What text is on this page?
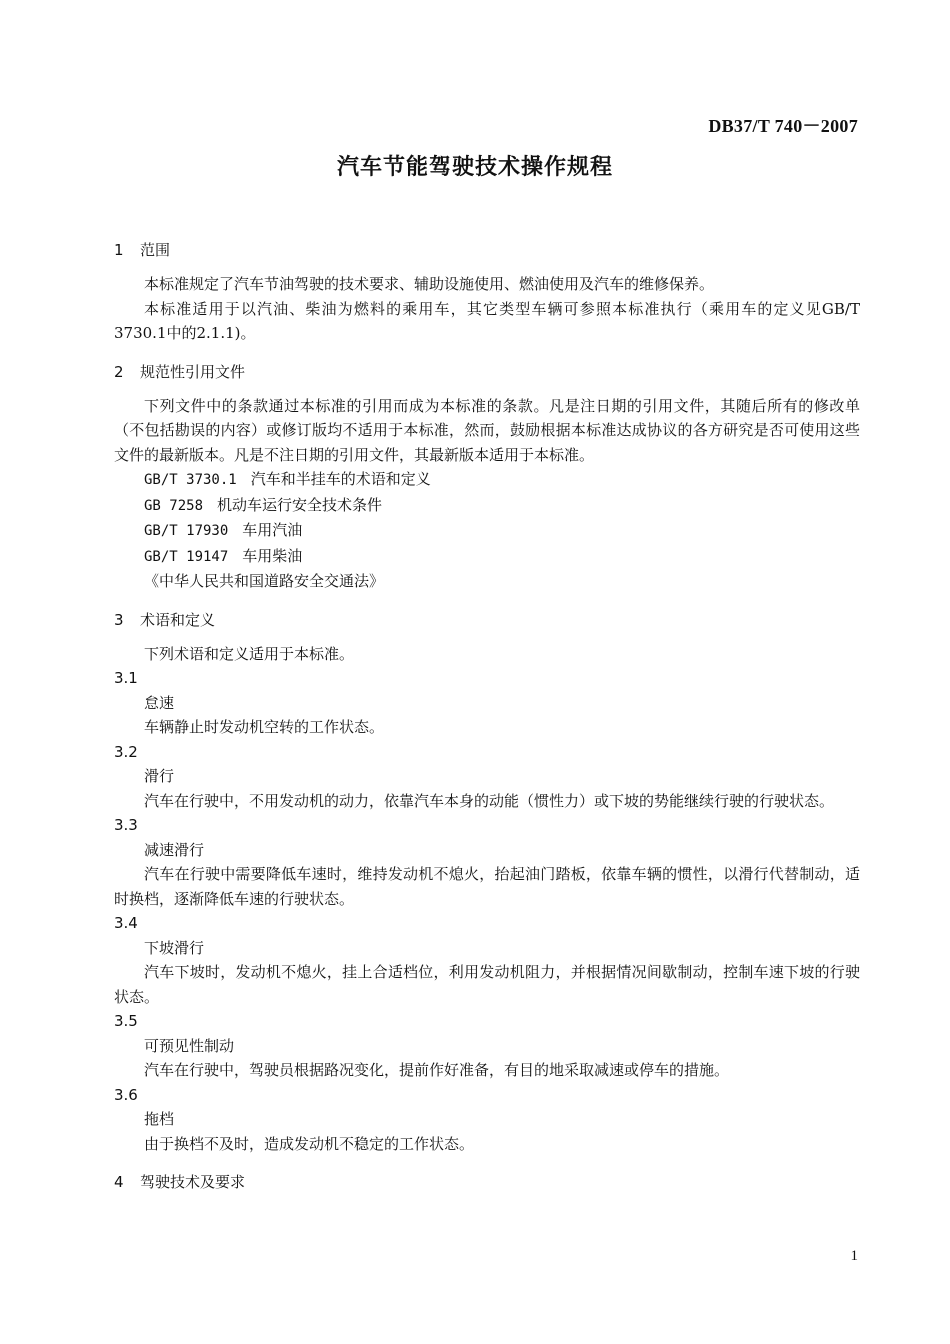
DB37/T 740－2007
汽车节能驾驶技术操作规程
1 范围

本标准规定了汽车节油驾驶的技术要求、辅助设施使用、燃油使用及汽车的维修保养。

本标准适用于以汽油、柴油为燃料的乘用车，其它类型车辆可参照本标准执行（乘用车的定义见GB/T 3730.1中的2.1.1)。

2 规范性引用文件

下列文件中的条款通过本标准的引用而成为本标准的条款。凡是注日期的引用文件，其随后所有的修改单（不包括勘误的内容）或修订版均不适用于本标准，然而，鼓励根据本标准达成协议的各方研究是否可使用这些文件的最新版本。凡是不注日期的引用文件，其最新版本适用于本标准。

GB/T 3730.1 汽车和半挂车的术语和定义

GB 7258 机动车运行安全技术条件

GB/T 17930 车用汽油

GB/T 19147 车用柴油

《中华人民共和国道路安全交通法》

3 术语和定义

下列术语和定义适用于本标准。

3.1

怠速

车辆静止时发动机空转的工作状态。

3.2

滑行

汽车在行驶中，不用发动机的动力，依靠汽车本身的动能（惯性力）或下坡的势能继续行驶的行驶状态。

3.3

减速滑行

汽车在行驶中需要降低车速时，维持发动机不熄火，抬起油门踏板，依靠车辆的惯性，以滑行代替制动，适时换档，逐渐降低车速的行驶状态。

3.4

下坡滑行

汽车下坡时，发动机不熄火，挂上合适档位，利用发动机阻力，并根据情况间歇制动，控制车速下坡的行驶状态。

3.5

可预见性制动

汽车在行驶中，驾驶员根据路况变化，提前作好准备，有目的地采取减速或停车的措施。

3.6

拖档

由于换档不及时，造成发动机不稳定的工作状态。

4 驾驶技术及要求
1
